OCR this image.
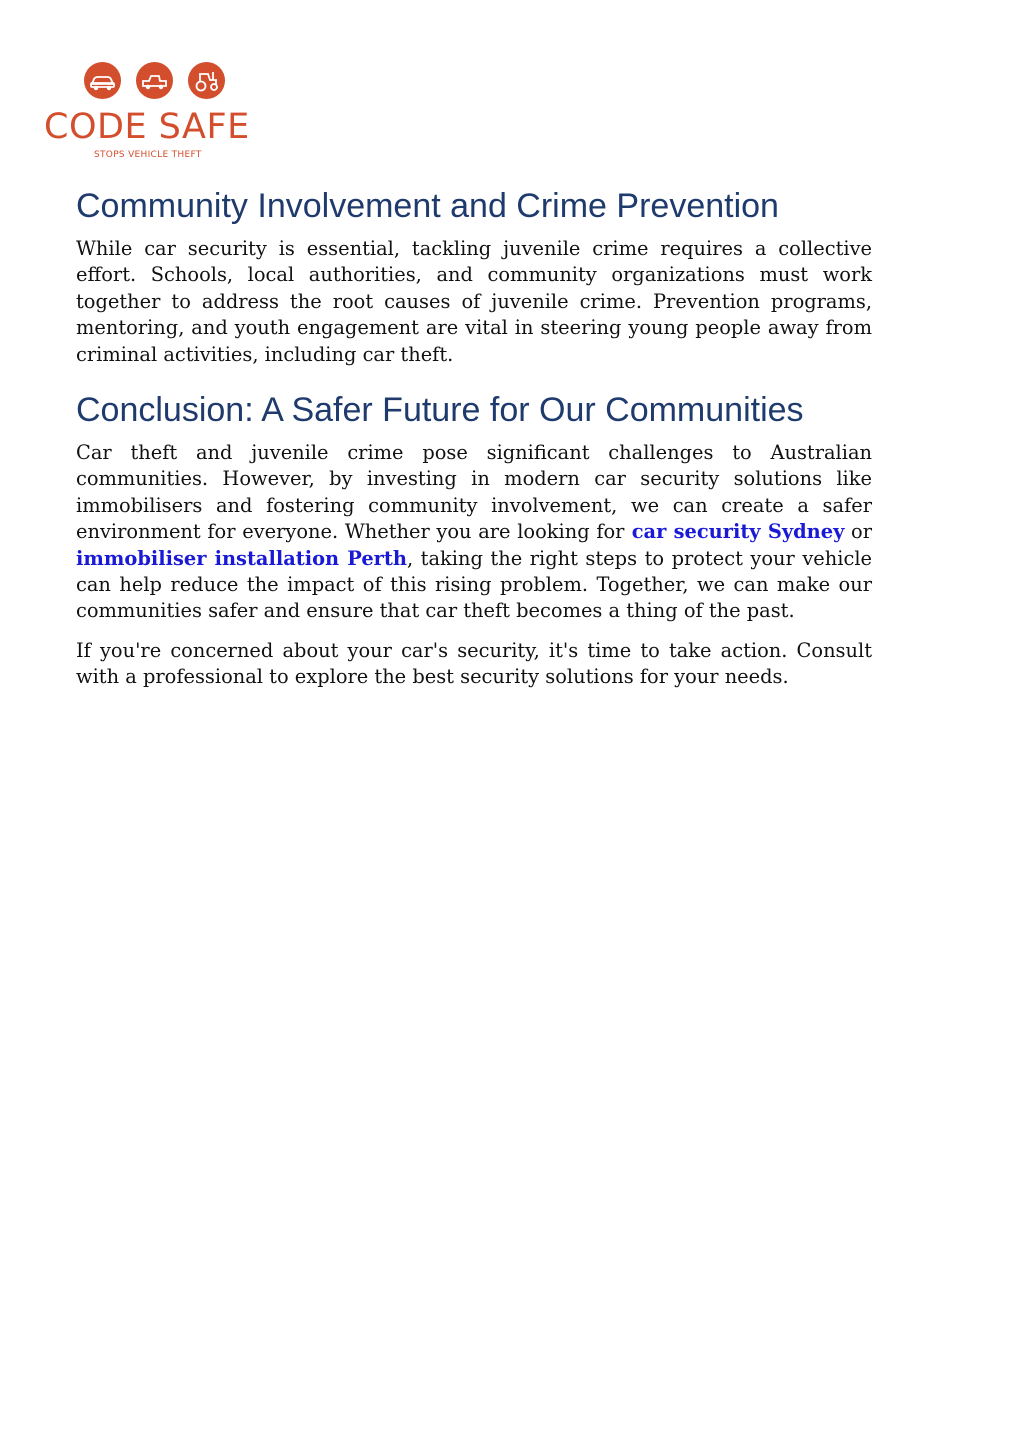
CODE SAFE
STOPS VEHICLE THEFT
Community Involvement and Crime Prevention

While car security is essential, tackling juvenile crime requires a collective effort. Schools, local authorities, and community organizations must work together to address the root causes of juvenile crime. Prevention programs, mentoring, and youth engagement are vital in steering young people away from criminal activities, including car theft.

Conclusion: A Safer Future for Our Communities

Car theft and juvenile crime pose significant challenges to Australian communities. However, by investing in modern car security solutions like immobilisers and fostering community involvement, we can create a safer environment for everyone. Whether you are looking for car security Sydney or immobiliser installation Perth, taking the right steps to protect your vehicle can help reduce the impact of this rising problem. Together, we can make our communities safer and ensure that car theft becomes a thing of the past.

If you're concerned about your car's security, it's time to take action. Consult with a professional to explore the best security solutions for your needs.
